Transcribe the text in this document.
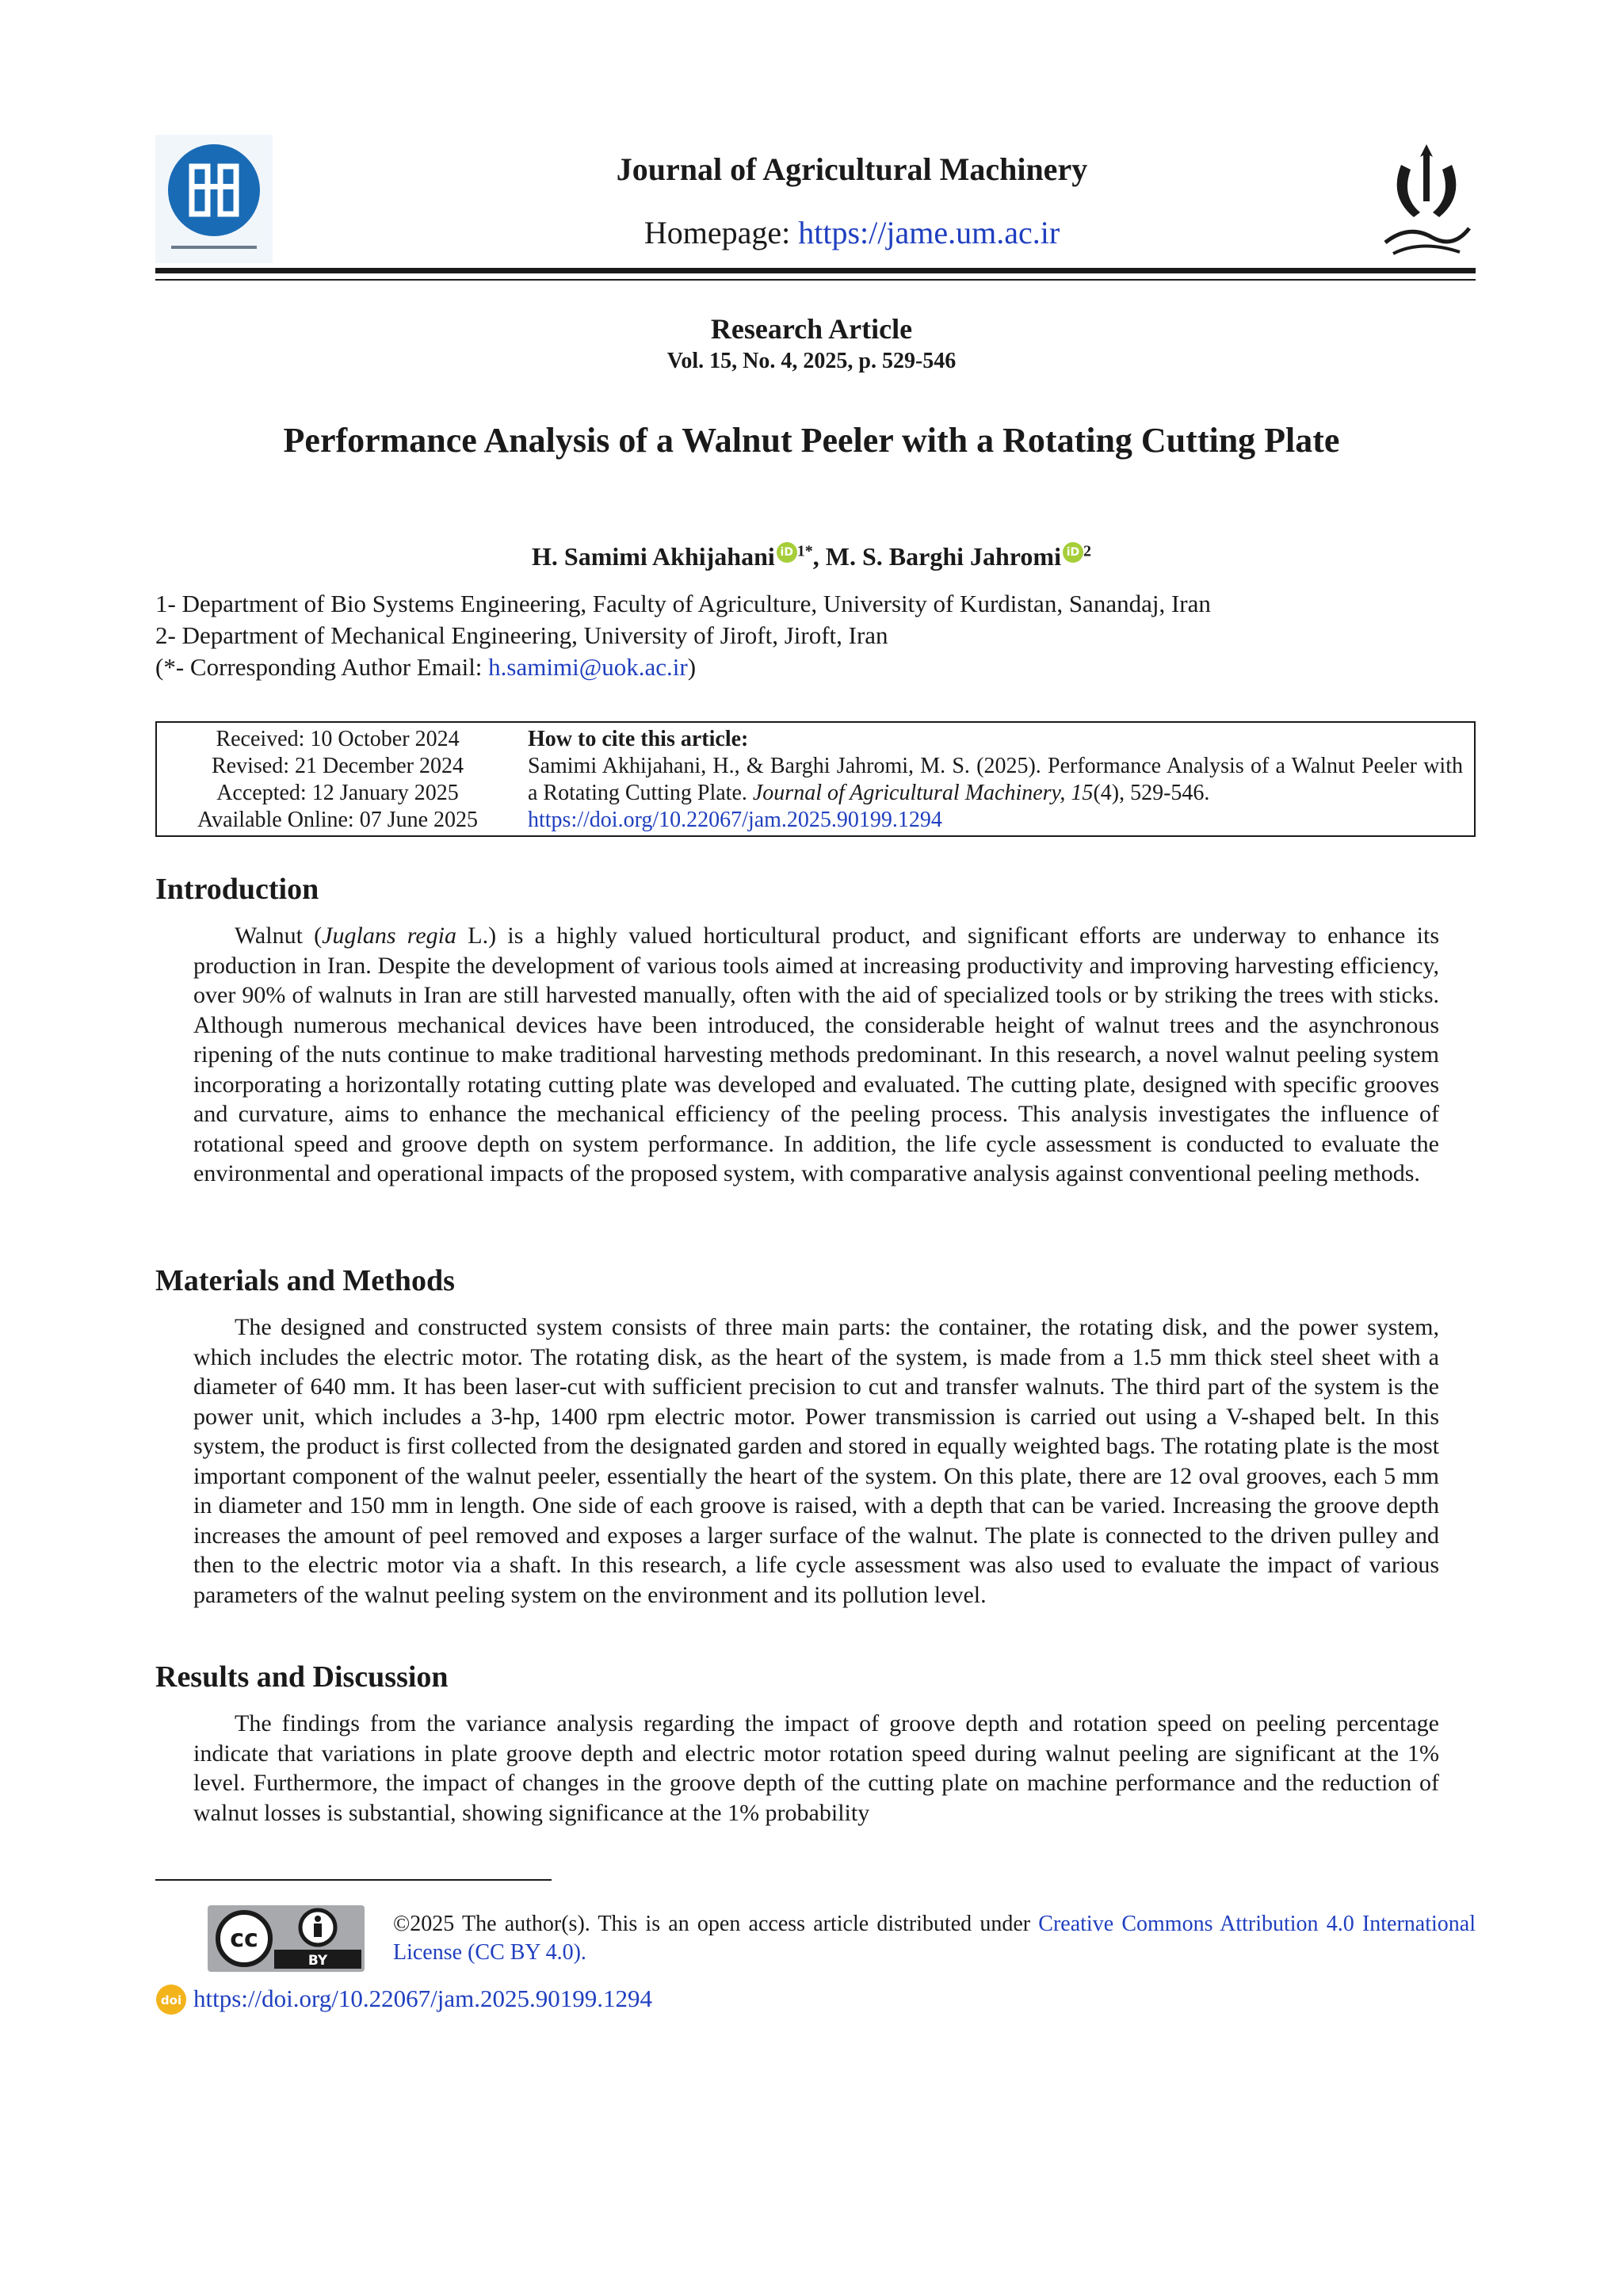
Journal of Agricultural Machinery
Homepage: https://jame.um.ac.ir
Research Article
Vol. 15, No. 4, 2025, p. 529-546
Performance Analysis of a Walnut Peeler with a Rotating Cutting Plate
H. Samimi Akhijahani iD $^{1*}$, M. S. Barghi Jahromi iD $^2$
1- Department of Bio Systems Engineering, Faculty of Agriculture, University of Kurdistan, Sanandaj, Iran
2- Department of Mechanical Engineering, University of Jiroft, Jiroft, Iran
(*- Corresponding Author Email: h.samimi@uok.ac.ir)
Received: 10 October 2024
Revised: 21 December 2024
Accepted: 12 January 2025
Available Online: 07 June 2025
How to cite this article:
Samimi Akhijahani, H., & Barghi Jahromi, M. S. (2025). Performance Analysis of a Walnut Peeler with a Rotating Cutting Plate. Journal of Agricultural Machinery, 15(4), 529-546.
https://doi.org/10.22067/jam.2025.90199.1294
Introduction
Walnut (Juglans regia L.) is a highly valued horticultural product, and significant efforts are underway to enhance its production in Iran. Despite the development of various tools aimed at increasing productivity and improving harvesting efficiency, over 90% of walnuts in Iran are still harvested manually, often with the aid of specialized tools or by striking the trees with sticks. Although numerous mechanical devices have been introduced, the considerable height of walnut trees and the asynchronous ripening of the nuts continue to make traditional harvesting methods predominant. In this research, a novel walnut peeling system incorporating a horizontally rotating cutting plate was developed and evaluated. The cutting plate, designed with specific grooves and curvature, aims to enhance the mechanical efficiency of the peeling process. This analysis investigates the influence of rotational speed and groove depth on system performance. In addition, the life cycle assessment is conducted to evaluate the environmental and operational impacts of the proposed system, with comparative analysis against conventional peeling methods.
Materials and Methods
The designed and constructed system consists of three main parts: the container, the rotating disk, and the power system, which includes the electric motor. The rotating disk, as the heart of the system, is made from a 1.5 mm thick steel sheet with a diameter of 640 mm. It has been laser-cut with sufficient precision to cut and transfer walnuts. The third part of the system is the power unit, which includes a 3-hp, 1400 rpm electric motor. Power transmission is carried out using a V-shaped belt. In this system, the product is first collected from the designated garden and stored in equally weighted bags. The rotating plate is the most important component of the walnut peeler, essentially the heart of the system. On this plate, there are 12 oval grooves, each 5 mm in diameter and 150 mm in length. One side of each groove is raised, with a depth that can be varied. Increasing the groove depth increases the amount of peel removed and exposes a larger surface of the walnut. The plate is connected to the driven pulley and then to the electric motor via a shaft. In this research, a life cycle assessment was also used to evaluate the impact of various parameters of the walnut peeling system on the environment and its pollution level.
Results and Discussion
The findings from the variance analysis regarding the impact of groove depth and rotation speed on peeling percentage indicate that variations in plate groove depth and electric motor rotation speed during walnut peeling are significant at the 1% level. Furthermore, the impact of changes in the groove depth of the cutting plate on machine performance and the reduction of walnut losses is substantial, showing significance at the 1% probability
cc
BY
©2025 The author(s). This is an open access article distributed under Creative Commons Attribution 4.0 International License (CC BY 4.0).
doi https://doi.org/10.22067/jam.2025.90199.1294
